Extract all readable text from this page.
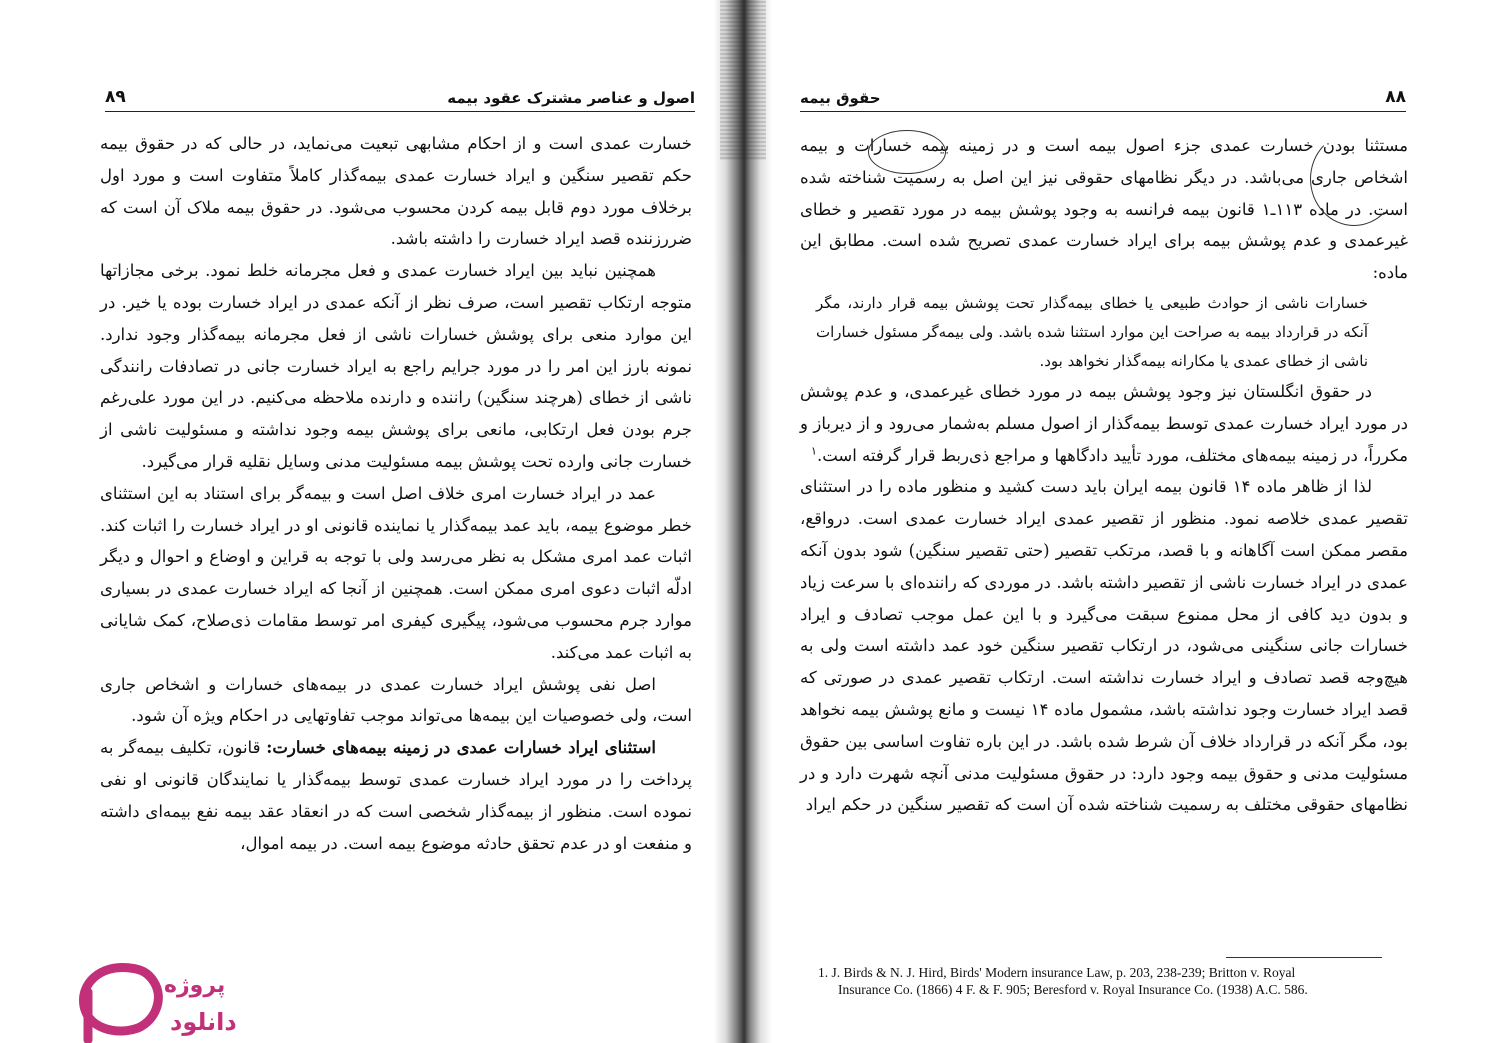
اصول و عناصر مشترک عقود بیمه
۸۹

خسارت عمدی است و از احکام مشابهی تبعیت می‌نماید، در حالی که در حقوق بیمه حکم تقصیر سنگین و ایراد خسارت عمدی بیمه‌گذار کاملاً متفاوت است و مورد اول برخلاف مورد دوم قابل بیمه کردن محسوب می‌شود. در حقوق بیمه ملاک آن است که ضررزننده قصد ایراد خسارت را داشته باشد.

همچنین نباید بین ایراد خسارت عمدی و فعل مجرمانه خلط نمود. برخی مجازاتها متوجه ارتکاب تقصیر است، صرف نظر از آنکه عمدی در ایراد خسارت بوده یا خیر. در این موارد منعی برای پوشش خسارات ناشی از فعل مجرمانه بیمه‌گذار وجود ندارد. نمونه بارز این امر را در مورد جرایم راجع به ایراد خسارت جانی در تصادفات رانندگی ناشی از خطای (هرچند سنگین) راننده و دارنده ملاحظه می‌کنیم. در این مورد علی‌رغم جرم بودن فعل ارتکابی، مانعی برای پوشش بیمه وجود نداشته و مسئولیت ناشی از خسارت جانی وارده تحت پوشش بیمه مسئولیت مدنی وسایل نقلیه قرار می‌گیرد.

عمد در ایراد خسارت امری خلاف اصل است و بیمه‌گر برای استناد به این استثنای خطر موضوع بیمه، باید عمد بیمه‌گذار یا نماینده قانونی او در ایراد خسارت را اثبات کند. اثبات عمد امری مشکل به نظر می‌رسد ولی با توجه به قراین و اوضاع و احوال و دیگر ادلّه اثبات دعوی امری ممکن است. همچنین از آنجا که ایراد خسارت عمدی در بسیاری موارد جرم محسوب می‌شود، پیگیری کیفری امر توسط مقامات ذی‌صلاح، کمک شایانی به اثبات عمد می‌کند.

اصل نفی پوشش ایراد خسارت عمدی در بیمه‌های خسارات و اشخاص جاری است، ولی خصوصیات این بیمه‌ها می‌تواند موجب تفاوتهایی در احکام ویژه آن شود.

استثنای ایراد خسارات عمدی در زمینه بیمه‌های خسارت: قانون، تکلیف بیمه‌گر به پرداخت را در مورد ایراد خسارت عمدی توسط بیمه‌گذار یا نمایندگان قانونی او نفی نموده است. منظور از بیمه‌گذار شخصی است که در انعقاد عقد بیمه نفع بیمه‌ای داشته و منفعت او در عدم تحقق حادثه موضوع بیمه است. در بیمه اموال،

۸۸
حقوق بیمه

مستثنا بودن خسارت عمدی جزء اصول بیمه است و در زمینه بیمه خسارات و بیمه اشخاص جاری می‌باشد. در دیگر نظامهای حقوقی نیز این اصل به رسمیت شناخته شده است. در ماده ۱۱۳ـ۱ قانون بیمه فرانسه به وجود پوشش بیمه در مورد تقصیر و خطای غیرعمدی و عدم پوشش بیمه برای ایراد خسارت عمدی تصریح شده است. مطابق این ماده:

خسارات ناشی از حوادث طبیعی یا خطای بیمه‌گذار تحت پوشش بیمه قرار دارند، مگر آنکه در قرارداد بیمه به صراحت این موارد استثنا شده باشد. ولی بیمه‌گر مسئول خسارات ناشی از خطای عمدی یا مکارانه بیمه‌گذار نخواهد بود.

در حقوق انگلستان نیز وجود پوشش بیمه در مورد خطای غیرعمدی، و عدم پوشش در مورد ایراد خسارت عمدی توسط بیمه‌گذار از اصول مسلم به‌شمار می‌رود و از دیرباز و مکرراً، در زمینه بیمه‌های مختلف، مورد تأیید دادگاهها و مراجع ذی‌ربط قرار گرفته است.$^۱$

لذا از ظاهر ماده ۱۴ قانون بیمه ایران باید دست کشید و منظور ماده را در استثنای تقصیر عمدی خلاصه نمود. منظور از تقصیر عمدی ایراد خسارت عمدی است. درواقع، مقصر ممکن است آگاهانه و با قصد، مرتکب تقصیر (حتی تقصیر سنگین) شود بدون آنکه عمدی در ایراد خسارت ناشی از تقصیر داشته باشد. در موردی که راننده‌ای با سرعت زیاد و بدون دید کافی از محل ممنوع سبقت می‌گیرد و با این عمل موجب تصادف و ایراد خسارات جانی سنگینی می‌شود، در ارتکاب تقصیر سنگین خود عمد داشته است ولی به هیچ‌وجه قصد تصادف و ایراد خسارت نداشته است. ارتکاب تقصیر عمدی در صورتی که قصد ایراد خسارت وجود نداشته باشد، مشمول ماده ۱۴ نیست و مانع پوشش بیمه نخواهد بود، مگر آنکه در قرارداد خلاف آن شرط شده باشد. در این باره تفاوت اساسی بین حقوق مسئولیت مدنی و حقوق بیمه وجود دارد: در حقوق مسئولیت مدنی آنچه شهرت دارد و در نظامهای حقوقی مختلف به رسمیت شناخته شده آن است که تقصیر سنگین در حکم ایراد

1. J. Birds & N. J. Hird, Birds' Modern insurance Law, p. 203, 238-239; Britton v. Royal
Insurance Co. (1866) 4 F. & F. 905; Beresford v. Royal Insurance Co. (1938) A.C. 586.
پروژه
دانلود
